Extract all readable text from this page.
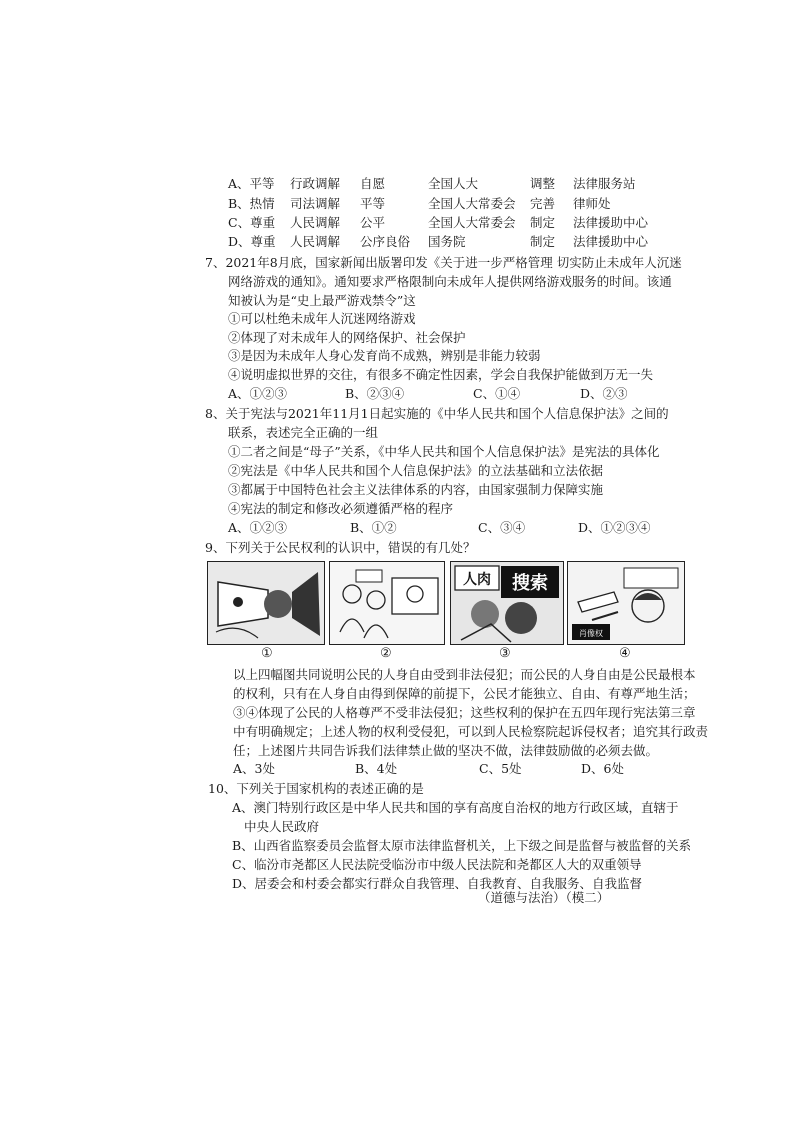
A、平等 行政调解 自愿	全国人大	调整 法律服务站
B、热情 司法调解 平等	全国人大常委会 完善 律师处
C、尊重 人民调解 公平	全国人大常委会 制定 法律援助中心
D、尊重 人民调解 公序良俗 国务院	制定 法律援助中心
7、2021年8月底，国家新闻出版署印发《关于进一步严格管理 切实防止未成年人沉迷
网络游戏的通知》。通知要求严格限制向未成年人提供网络游戏服务的时间。该通
知被认为是“史上最严游戏禁令”这
①可以杜绝未成年人沉迷网络游戏
②体现了对未成年人的网络保护、社会保护
③是因为未成年人身心发育尚不成熟，辨别是非能力较弱
④说明虚拟世界的交往，有很多不确定性因素，学会自我保护能做到万无一失
A、①②③	B、②③④	C、①④	D、②③
8、关于宪法与2021年11月1日起实施的《中华人民共和国个人信息保护法》之间的
联系，表述完全正确的一组
①二者之间是“母子”关系，《中华人民共和国个人信息保护法》是宪法的具体化
②宪法是《中华人民共和国个人信息保护法》的立法基础和立法依据
③都属于中国特色社会主义法律体系的内容，由国家强制力保障实施
④宪法的制定和修改必须遵循严格的程序
A、①②③	B、①②	C、③④	D、①②③④
9、下列关于公民权利的认识中，错误的有几处？
人肉 搜索
肖像权
①	②	③	④
以上四幅图共同说明公民的人身自由受到非法侵犯；而公民的人身自由是公民最根本
的权利，只有在人身自由得到保障的前提下，公民才能独立、自由、有尊严地生活；
③④体现了公民的人格尊严不受非法侵犯；这些权利的保护在五四年现行宪法第三章
中有明确规定；上述人物的权利受侵犯，可以到人民检察院起诉侵权者；追究其行政责
任；上述图片共同告诉我们法律禁止做的坚决不做，法律鼓励做的必须去做。
A、3处	B、4处	C、5处	D、6处
10、下列关于国家机构的表述正确的是
A、澳门特别行政区是中华人民共和国的享有高度自治权的地方行政区域，直辖于
中央人民政府
B、山西省监察委员会监督太原市法律监督机关，上下级之间是监督与被监督的关系
C、临汾市尧都区人民法院受临汾市中级人民法院和尧都区人大的双重领导
D、居委会和村委会都实行群众自我管理、自我教育、自我服务、自我监督
（道德与法治）（模二）
